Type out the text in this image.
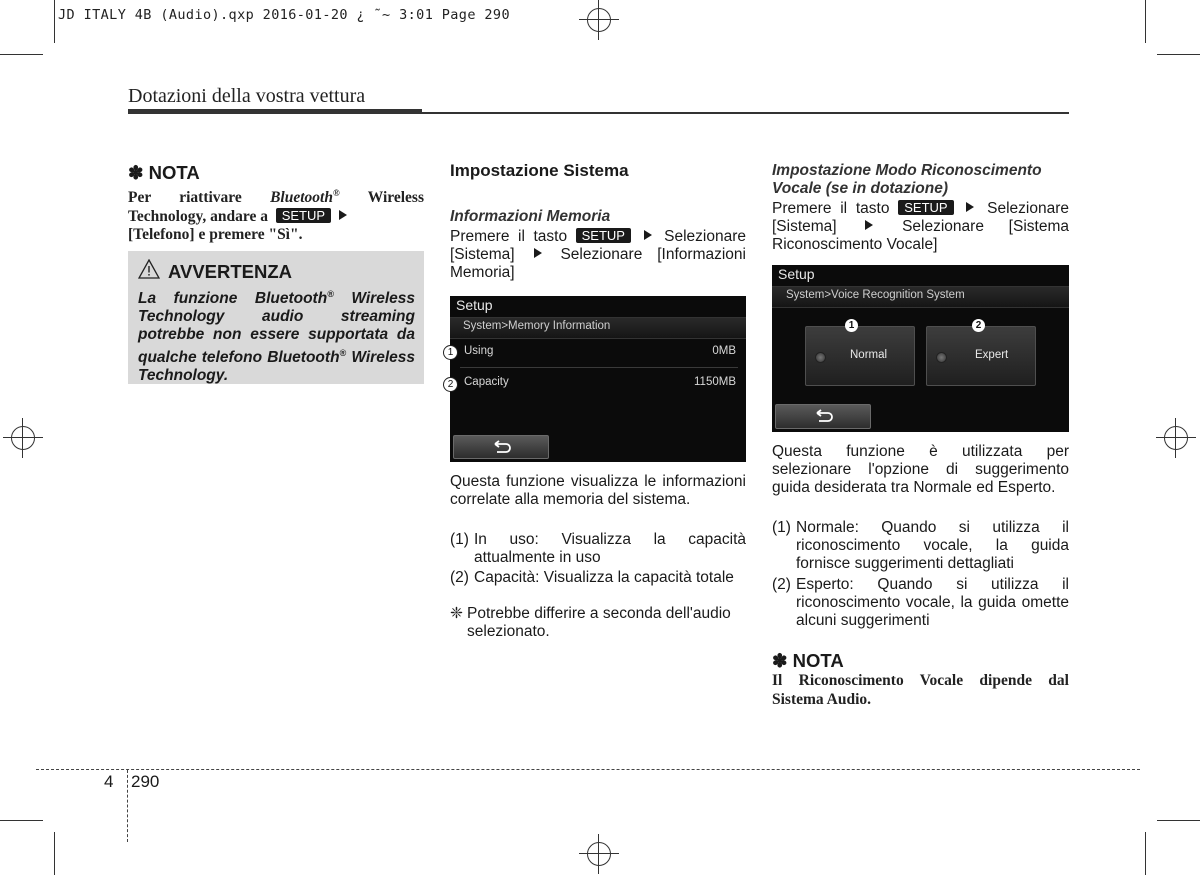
JD ITALY 4B (Audio).qxp 2016-01-20 ¿ ˜~ 3:01 Page 290
Dotazioni della vostra vettura
✽ NOTA
Per riattivare Bluetooth® Wireless Technology, andare a  SETUP
[Telefono] e premere "Sì".
AVVERTENZA
La funzione Bluetooth® Wireless Technology audio streaming potrebbe non essere supportata da qualche telefono Bluetooth® Wireless Technology.
Impostazione Sistema
Informazioni Memoria
Premere il tasto SETUP  Selezionare [Sistema]  Selezionare [Informazioni Memoria]
Setup
System>Memory Information
Using	0MB
Capacity	1150MB
1
2
Questa funzione visualizza le informazioni correlate alla memoria del sistema.
(1) In uso: Visualizza la capacità attualmente in uso
(2) Capacità: Visualizza la capacità totale
❈ Potrebbe differire a seconda dell'audio selezionato.
Impostazione Modo Riconoscimento Vocale (se in dotazione)
Premere il tasto SETUP  Selezionare [Sistema]  Selezionare [Sistema Riconoscimento Vocale]
Setup
System>Voice Recognition System
Normal	Expert
1	2
Questa funzione è utilizzata per selezionare l'opzione di suggerimento guida desiderata tra Normale ed Esperto.
(1) Normale: Quando si utilizza il riconoscimento vocale, la guida fornisce suggerimenti dettagliati
(2) Esperto: Quando si utilizza il riconoscimento vocale, la guida omette alcuni suggerimenti
✽ NOTA
Il Riconoscimento Vocale dipende dal Sistema Audio.
4 290
